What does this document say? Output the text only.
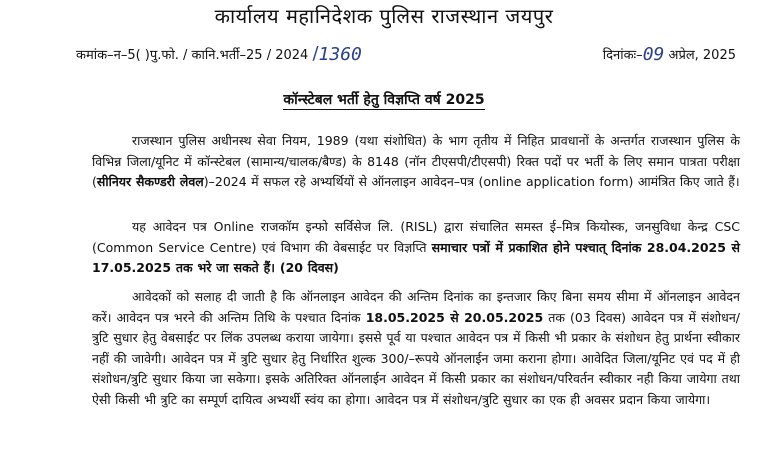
कार्यालय महानिदेशक पुलिस राजस्थान जयपुर
कमांक–न–5( )पु.फो. / कानि.भर्ती–25 / 2024 /1360	दिनांकः–09 अप्रेल, 2025
कॉन्स्टेबल भर्ती हेतु विज्ञप्ति वर्ष 2025
राजस्थान पुलिस अधीनस्थ सेवा नियम, 1989 (यथा संशोधित) के भाग तृतीय में निहित प्रावधानों के अन्तर्गत राजस्थान पुलिस के विभिन्न जिला/यूनिट में कॉन्स्टेबल (सामान्य/चालक/बैण्ड) के 8148 (नॉन टीएसपी/टीएसपी) रिक्त पदों पर भर्ती के लिए समान पात्रता परीक्षा (सीनियर सैकण्डरी लेवल)–2024 में सफल रहे अभ्यर्थियों से ऑनलाइन आवेदन–पत्र (online application form) आमंत्रित किए जाते हैं।
यह आवेदन पत्र Online राजकॉम इन्फो सर्विसेज लि. (RISL) द्वारा संचालित समस्त ई–मित्र कियोस्क, जनसुविधा केन्द्र CSC (Common Service Centre) एवं विभाग की वेबसाईट पर विज्ञप्ति समाचार पत्रों में प्रकाशित होने पश्चात् दिनांक 28.04.2025 से 17.05.2025 तक भरे जा सकते हैं। (20 दिवस)
आवेदकों को सलाह दी जाती है कि ऑनलाइन आवेदन की अन्तिम दिनांक का इन्तजार किए बिना समय सीमा में ऑनलाइन आवेदन करें। आवेदन पत्र भरने की अन्तिम तिथि के पश्चात दिनांक 18.05.2025 से 20.05.2025 तक (03 दिवस) आवेदन पत्र में संशोधन/त्रुटि सुधार हेतु वेबसाईट पर लिंक उपलब्ध कराया जायेगा। इससे पूर्व या पश्चात आवेदन पत्र में किसी भी प्रकार के संशोधन हेतु प्रार्थना स्वीकार नहीं की जावेगी। आवेदन पत्र में त्रुटि सुधार हेतु निर्धारित शुल्क 300/–रूपये ऑनलाईन जमा कराना होगा। आवेदित जिला/यूनिट एवं पद में ही संशोधन/त्रुटि सुधार किया जा सकेगा। इसके अतिरिक्त ऑनलाईन आवेदन में किसी प्रकार का संशोधन/परिवर्तन स्वीकार नही किया जायेगा तथा ऐसी किसी भी त्रुटि का सम्पूर्ण दायित्व अभ्यर्थी स्वंय का होगा। आवेदन पत्र में संशोधन/त्रुटि सुधार का एक ही अवसर प्रदान किया जायेगा।
